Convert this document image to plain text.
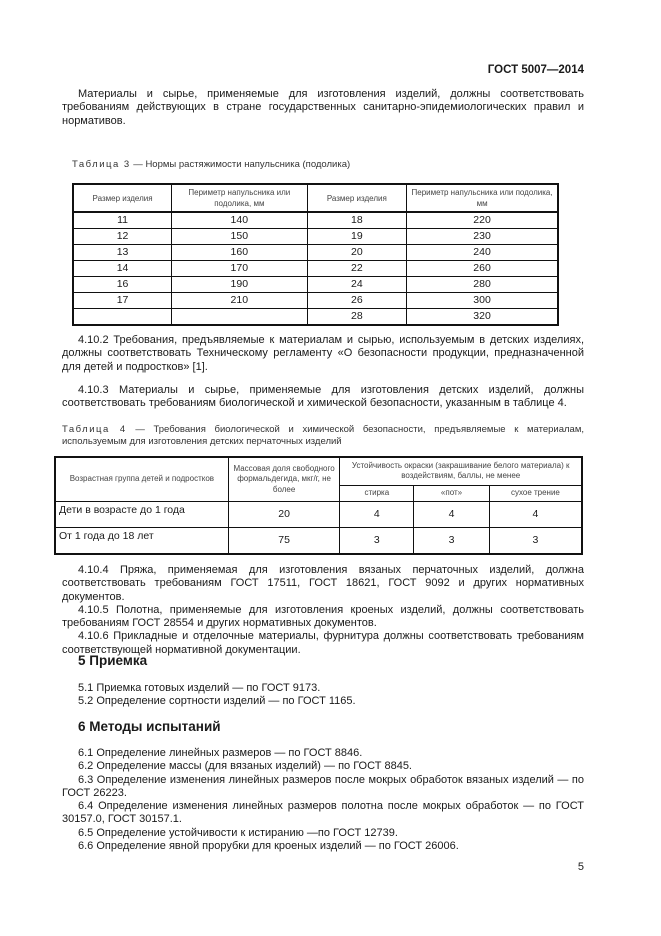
ГОСТ 5007—2014

Материалы и сырье, применяемые для изготовления изделий, должны соответствовать требованиям действующих в стране государственных санитарно-эпидемиологических правил и нормативов.

Таблица 3 — Нормы растяжимости напульсника (подолика)
Размер изделия	Периметр напульсника или подолика, мм	Размер изделия	Периметр напульсника или подолика, мм
11	140	18	220
12	150	19	230
13	160	20	240
14	170	22	260
16	190	24	280
17	210	26	300
		28	320

4.10.2 Требования, предъявляемые к материалам и сырью, используемым в детских изделиях, должны соответствовать Техническому регламенту «О безопасности продукции, предназначенной для детей и подростков» [1].

4.10.3 Материалы и сырье, применяемые для изготовления детских изделий, должны соответствовать требованиям биологической и химической безопасности, указанным в таблице 4.

Таблица 4 — Требования биологической и химической безопасности, предъявляемые к материалам, используемым для изготовления детских перчаточных изделий
Возрастная группа детей и подростков	Массовая доля свободного формальдегида, мкг/г, не более	Устойчивость окраски (закрашивание белого материала) к воздействиям, баллы, не менее		
		стирка	«пот»	сухое трение
Дети в возрасте до 1 года	20	4	4	4
От 1 года до 18 лет	75	3	3	3

4.10.4 Пряжа, применяемая для изготовления вязаных перчаточных изделий, должна соответствовать требованиям ГОСТ 17511, ГОСТ 18621, ГОСТ 9092 и других нормативных документов.

4.10.5 Полотна, применяемые для изготовления кроеных изделий, должны соответствовать требованиям ГОСТ 28554 и других нормативных документов.

4.10.6 Прикладные и отделочные материалы, фурнитура должны соответствовать требованиям соответствующей нормативной документации.

5 Приемка

5.1 Приемка готовых изделий — по ГОСТ 9173.

5.2 Определение сортности изделий — по ГОСТ 1165.

6 Методы испытаний

6.1 Определение линейных размеров — по ГОСТ 8846.

6.2 Определение массы (для вязаных изделий) — по ГОСТ 8845.

6.3 Определение изменения линейных размеров после мокрых обработок вязаных изделий — по ГОСТ 26223.

6.4 Определение изменения линейных размеров полотна после мокрых обработок — по ГОСТ 30157.0, ГОСТ 30157.1.

6.5 Определение устойчивости к истиранию —по ГОСТ 12739.

6.6 Определение явной прорубки для кроеных изделий — по ГОСТ 26006.

5
